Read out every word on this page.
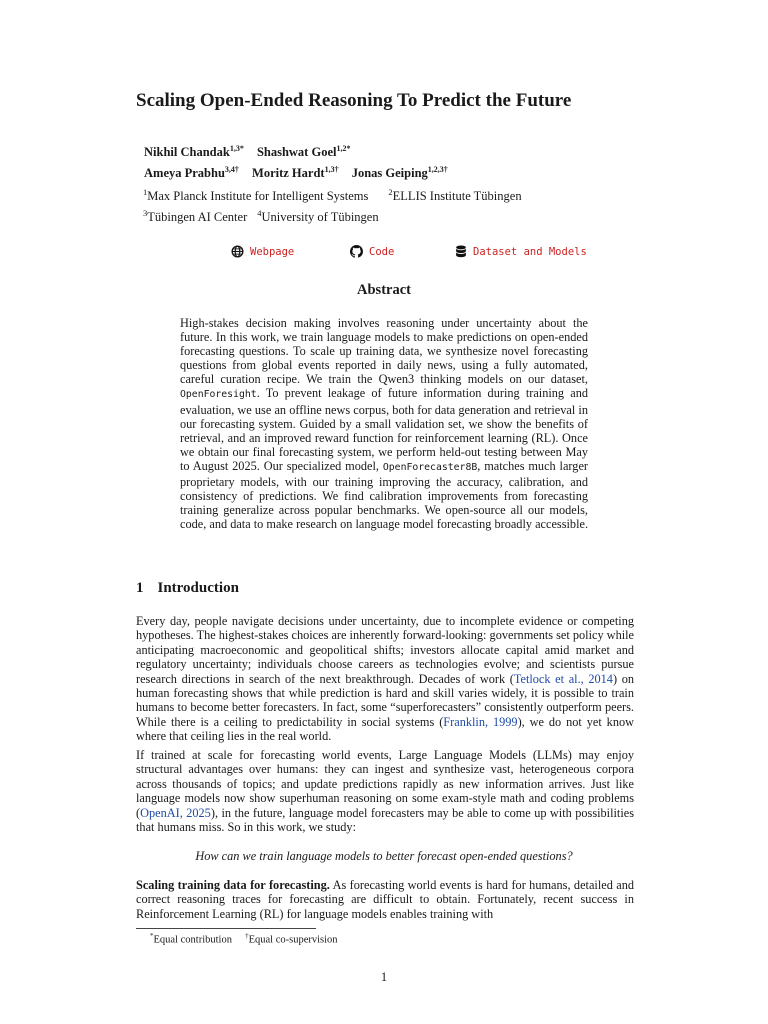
Scaling Open-Ended Reasoning To Predict the Future
Nikhil Chandak$^{1,3*}$ Shashwat Goel$^{1,2*}$
Ameya Prabhu$^{3,4\dagger}$ Moritz Hardt$^{1,3\dagger}$ Jonas Geiping$^{1,2,3\dagger}$
$^1$Max Planck Institute for Intelligent Systems $^2$ELLIS Institute Tübingen
$^3$Tübingen AI Center $^4$University of Tübingen
Webpage	Code	Dataset and Models
Abstract
High-stakes decision making involves reasoning under uncertainty about the future. In this work, we train language models to make predictions on open-ended forecasting questions. To scale up training data, we synthesize novel forecasting questions from global events reported in daily news, using a fully automated, careful curation recipe. We train the Qwen3 thinking models on our dataset, OpenForesight. To prevent leakage of future information during training and evaluation, we use an offline news corpus, both for data generation and retrieval in our forecasting system. Guided by a small validation set, we show the benefits of retrieval, and an improved reward function for reinforcement learning (RL). Once we obtain our final forecasting system, we perform held-out testing between May to August 2025. Our specialized model, OpenForecaster8B, matches much larger proprietary models, with our training improving the accuracy, calibration, and consistency of predictions. We find calibration improvements from forecasting training generalize across popular benchmarks. We open-source all our models, code, and data to make research on language model forecasting broadly accessible.
1 Introduction
Every day, people navigate decisions under uncertainty, due to incomplete evidence or competing hypotheses. The highest-stakes choices are inherently forward-looking: governments set policy while anticipating macroeconomic and geopolitical shifts; investors allocate capital amid market and regulatory uncertainty; individuals choose careers as technologies evolve; and scientists pursue research directions in search of the next breakthrough. Decades of work (Tetlock et al., 2014) on human forecasting shows that while prediction is hard and skill varies widely, it is possible to train humans to become better forecasters. In fact, some “superforecasters” consistently outperform peers. While there is a ceiling to predictability in social systems (Franklin, 1999), we do not yet know where that ceiling lies in the real world.
If trained at scale for forecasting world events, Large Language Models (LLMs) may enjoy structural advantages over humans: they can ingest and synthesize vast, heterogeneous corpora across thousands of topics; and update predictions rapidly as new information arrives. Just like language models now show superhuman reasoning on some exam-style math and coding problems (OpenAI, 2025), in the future, language model forecasters may be able to come up with possibilities that humans miss. So in this work, we study:
How can we train language models to better forecast open-ended questions?
Scaling training data for forecasting. As forecasting world events is hard for humans, detailed and correct reasoning traces for forecasting are difficult to obtain. Fortunately, recent success in Reinforcement Learning (RL) for language models enables training with
*Equal contribution †Equal co-supervision
1
